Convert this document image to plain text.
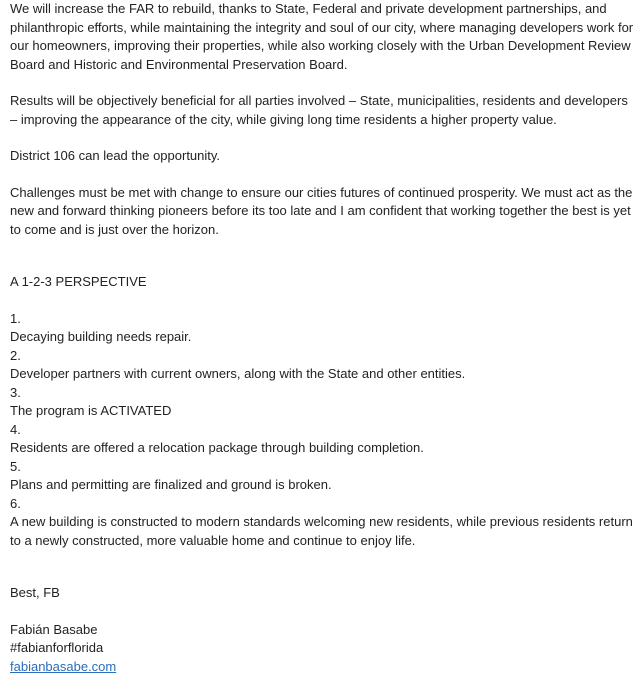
We will increase the FAR to rebuild, thanks to State, Federal and private development partnerships, and philanthropic efforts, while maintaining the integrity and soul of our city, where managing developers work for our homeowners, improving their properties, while also working closely with the Urban Development Review Board and Historic and Environmental Preservation Board.

Results will be objectively beneficial for all parties involved – State, municipalities, residents and developers – improving the appearance of the city, while giving long time residents a higher property value.

District 106 can lead the opportunity.

Challenges must be met with change to ensure our cities futures of continued prosperity. We must act as the new and forward thinking pioneers before its too late and I am confident that working together the best is yet to come and is just over the horizon.

A 1-2-3 PERSPECTIVE

1.

Decaying building needs repair.

2.

Developer partners with current owners, along with the State and other entities.

3.

The program is ACTIVATED

4.

Residents are offered a relocation package through building completion.

5.

Plans and permitting are finalized and ground is broken.

6.

A new building is constructed to modern standards welcoming new residents, while previous residents return to a newly constructed, more valuable home and continue to enjoy life.

Best, FB

Fabián Basabe

#fabianforflorida

fabianbasabe.com
